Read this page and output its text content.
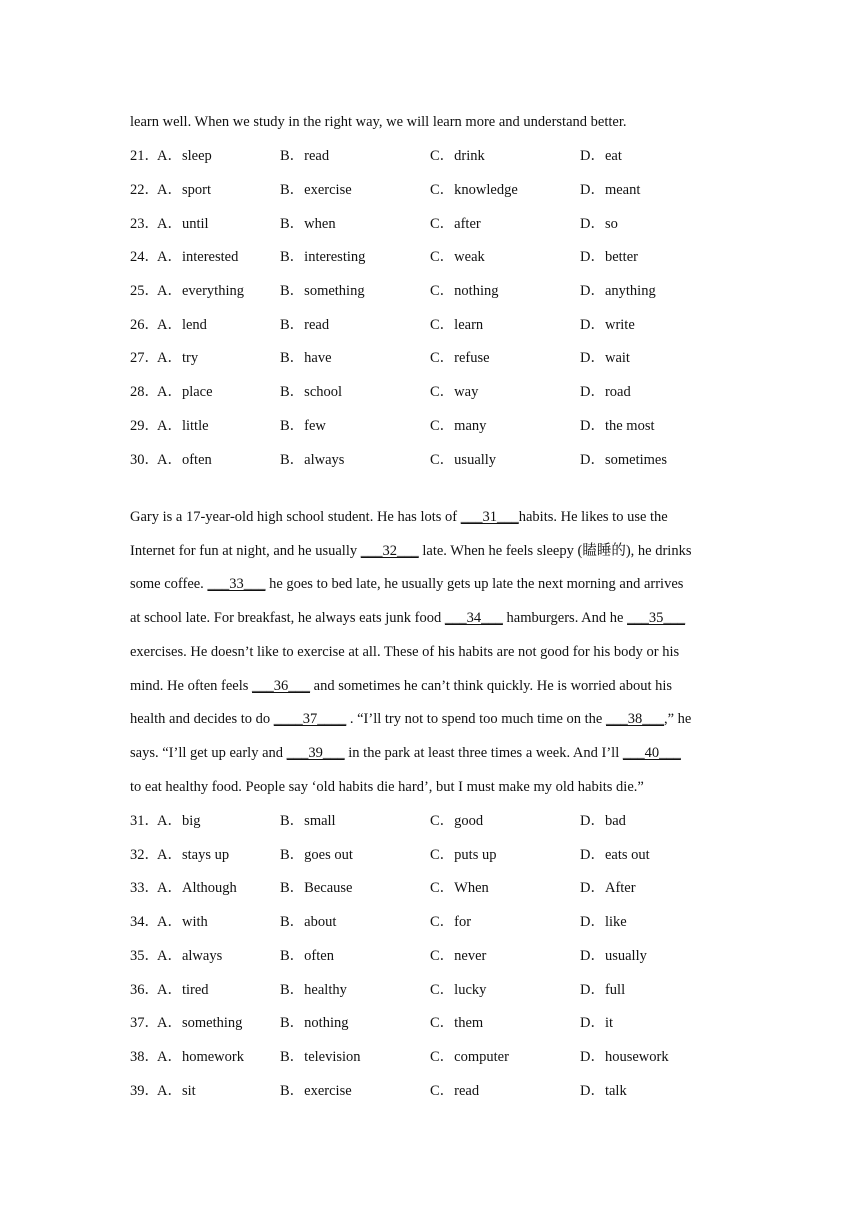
learn well. When we study in the right way, we will learn more and understand better.
21．
A．sleep	B．read	C．drink	D．eat
22．
A．sport	B．exercise	C．knowledge	D．meant
23．
A．until	B．when	C．after	D．so
24．
A．interested	B．interesting	C．weak	D．better
25．
A．everything B．something	C．nothing	D．anything
26．
A．lend	B．read	C．learn	D．write
27．
A．try	B．have	C．refuse	D．wait
28．
A．place	B．school	C．way	D．road
29．
A．little	B．few	C．many	D．the most
30．
A．often	B．always	C．usually	D．sometimes
Gary is a 17-year-old high school student. He has lots of ___31___habits. He likes to use the
Internet for fun at night, and he usually ___32___ late. When he feels sleepy (瞌睡的), he drinks
some coffee. ___33___ he goes to bed late, he usually gets up late the next morning and arrives
at school late. For breakfast, he always eats junk food ___34___ hamburgers. And he ___35___
exercises. He doesn’t like to exercise at all. These of his habits are not good for his body or his
mind. He often feels ___36___ and sometimes he can’t think quickly. He is worried about his
health and decides to do ____37____ . “I’ll try not to spend too much time on the ___38___,” he
says. “I’ll get up early and ___39___ in the park at least three times a week. And I’ll ___40___
to eat healthy food. People say ‘old habits die hard’, but I must make my old habits die.”
31．
A．big	B．small	C．good	D．bad
32．
A．stays up	B．goes out	C．puts up	D．eats out
33．
A．Although	B．Because	C．When	D．After
34．
A．with	B．about	C．for	D．like
35．
A．always	B．often	C．never	D．usually
36．
A．tired	B．healthy	C．lucky	D．full
37．
A．something	B．nothing	C．them	D．it
38．
A．homework B．television	C．computer	D．housework
39．
A．sit	B．exercise	C．read	D．talk
